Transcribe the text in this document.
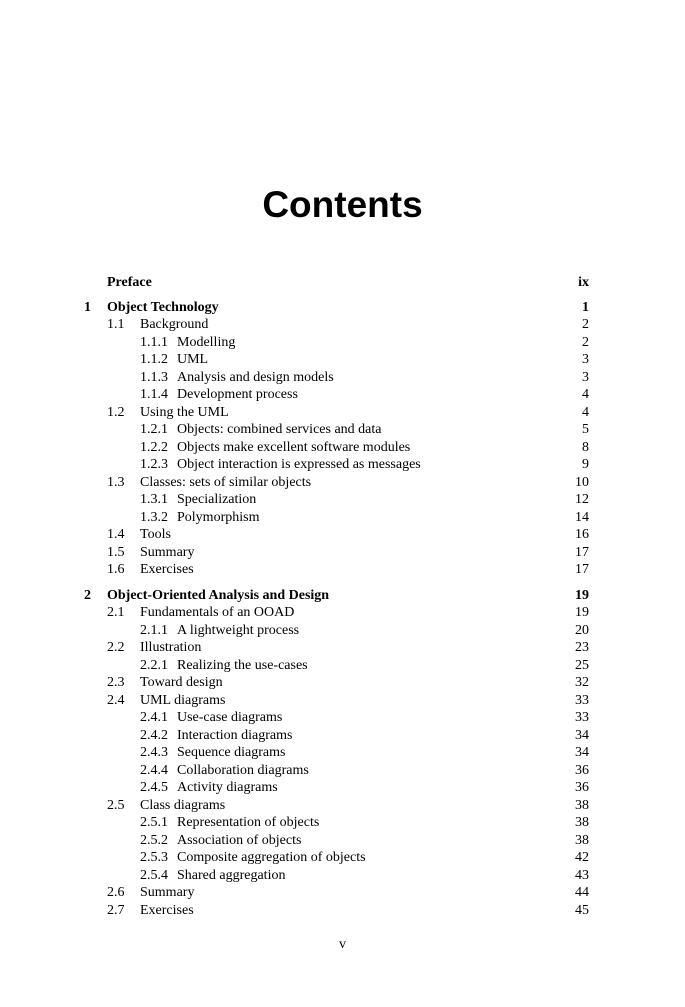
Contents
Preface	ix
1 Object Technology	1
1.1 Background	2
1.1.1 Modelling	2
1.1.2 UML	3
1.1.3 Analysis and design models	3
1.1.4 Development process	4
1.2 Using the UML	4
1.2.1 Objects: combined services and data	5
1.2.2 Objects make excellent software modules	8
1.2.3 Object interaction is expressed as messages	9
1.3 Classes: sets of similar objects	10
1.3.1 Specialization	12
1.3.2 Polymorphism	14
1.4 Tools	16
1.5 Summary	17
1.6 Exercises	17
2 Object-Oriented Analysis and Design	19
2.1 Fundamentals of an OOAD	19
2.1.1 A lightweight process	20
2.2 Illustration	23
2.2.1 Realizing the use-cases	25
2.3 Toward design	32
2.4 UML diagrams	33
2.4.1 Use-case diagrams	33
2.4.2 Interaction diagrams	34
2.4.3 Sequence diagrams	34
2.4.4 Collaboration diagrams	36
2.4.5 Activity diagrams	36
2.5 Class diagrams	38
2.5.1 Representation of objects	38
2.5.2 Association of objects	38
2.5.3 Composite aggregation of objects	42
2.5.4 Shared aggregation	43
2.6 Summary	44
2.7 Exercises	45
v
